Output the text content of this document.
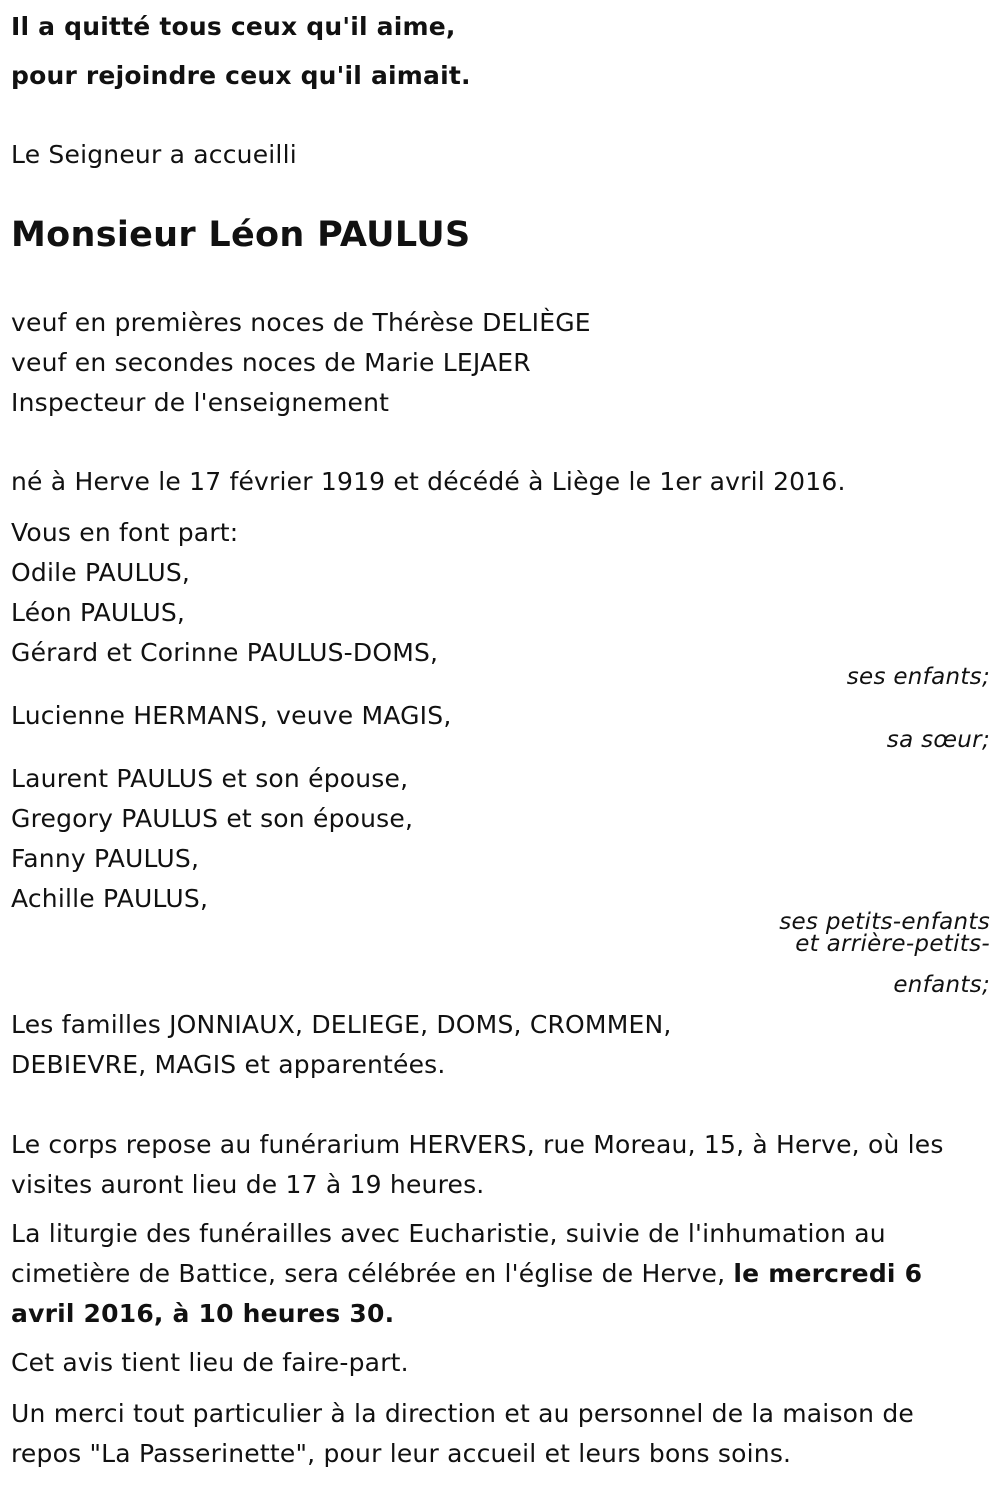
Il a quitté tous ceux qu'il aime,
pour rejoindre ceux qu'il aimait.
Le Seigneur a accueilli
Monsieur Léon PAULUS
veuf en premières noces de Thérèse DELIÈGE
veuf en secondes noces de Marie LEJAER
Inspecteur de l'enseignement
né à Herve le 17 février 1919 et décédé à Liège le 1er avril 2016.
Vous en font part:
Odile PAULUS,
Léon PAULUS,
Gérard et Corinne PAULUS-DOMS,
ses enfants;
Lucienne HERMANS, veuve MAGIS,
sa sœur;
Laurent PAULUS et son épouse,
Gregory PAULUS et son épouse,
Fanny PAULUS,
Achille PAULUS,
ses petits-enfants
et arrière-petits-
enfants;
Les familles JONNIAUX, DELIEGE, DOMS, CROMMEN,
DEBIEVRE, MAGIS et apparentées.
Le corps repose au funérarium HERVERS, rue Moreau, 15, à Herve, où les
visites auront lieu de 17 à 19 heures.
La liturgie des funérailles avec Eucharistie, suivie de l'inhumation au
cimetière de Battice, sera célébrée en l'église de Herve, le mercredi 6
avril 2016, à 10 heures 30.
Cet avis tient lieu de faire-part.
Un merci tout particulier à la direction et au personnel de la maison de
repos "La Passerinette", pour leur accueil et leurs bons soins.
